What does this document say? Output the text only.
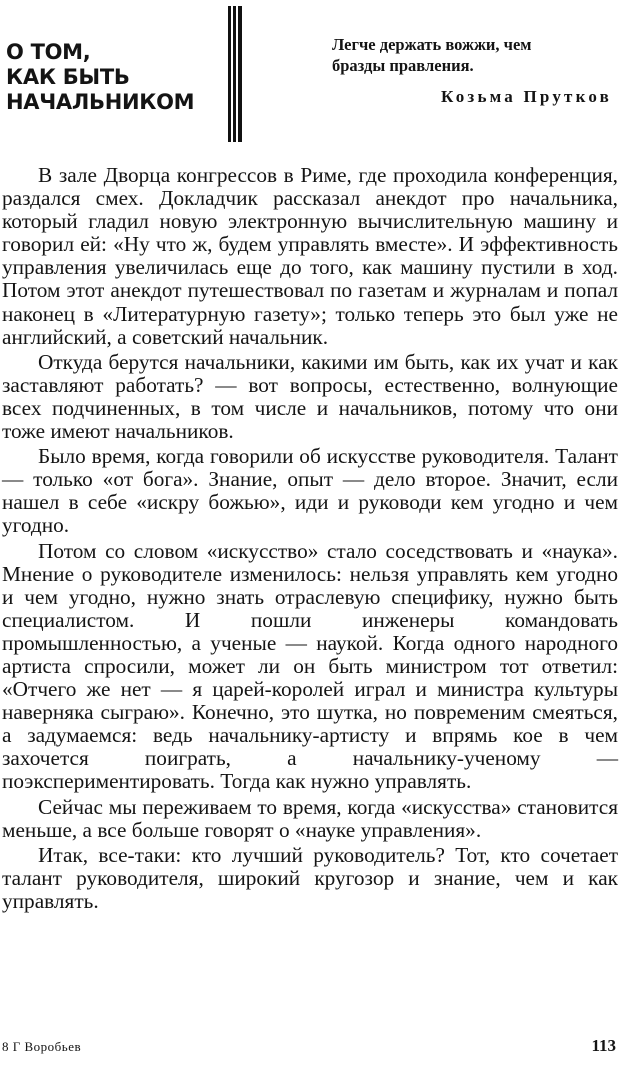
О ТОМ,
КАК БЫТЬ
НАЧАЛЬНИКОМ
Легче держать вожжи, чем
бразды правления.
Козьма Прутков

В зале Дворца конгрессов в Риме, где проходила конференция, раздался смех. Докладчик рассказал анекдот про начальника, который гладил новую электронную вычислительную машину и говорил ей: «Ну что ж, будем управлять вместе». И эффективность управления увеличилась еще до того, как машину пустили в ход. Потом этот анекдот путешествовал по газетам и журналам и попал наконец в «Литературную газету»; только теперь это был уже не английский, а советский начальник.

Откуда берутся начальники, какими им быть, как их учат и как заставляют работать? — вот вопросы, естественно, волнующие всех подчиненных, в том числе и начальников, потому что они тоже имеют начальников.

Было время, когда говорили об искусстве руководителя. Талант — только «от бога». Знание, опыт — дело второе. Значит, если нашел в себе «искру божью», иди и руководи кем угодно и чем угодно.

Потом со словом «искусство» стало соседствовать и «наука». Мнение о руководителе изменилось: нельзя управлять кем угодно и чем угодно, нужно знать отраслевую специфику, нужно быть специалистом. И пошли инженеры командовать промышленностью, а ученые — наукой. Когда одного народного артиста спросили, может ли он быть министром тот ответил: «Отчего же нет — я царей-королей играл и министра культуры наверняка сыграю». Конечно, это шутка, но повременим смеяться, а задумаемся: ведь начальнику-артисту и впрямь кое в чем захочется поиграть, а начальнику-ученому — поэкспериментировать. Тогда как нужно управлять.

Сейчас мы переживаем то время, когда «искусства» становится меньше, а все больше говорят о «науке управления».

Итак, все-таки: кто лучший руководитель? Тот, кто сочетает талант руководителя, широкий кругозор и знание, чем и как управлять.

8 Г Воробьев	113
